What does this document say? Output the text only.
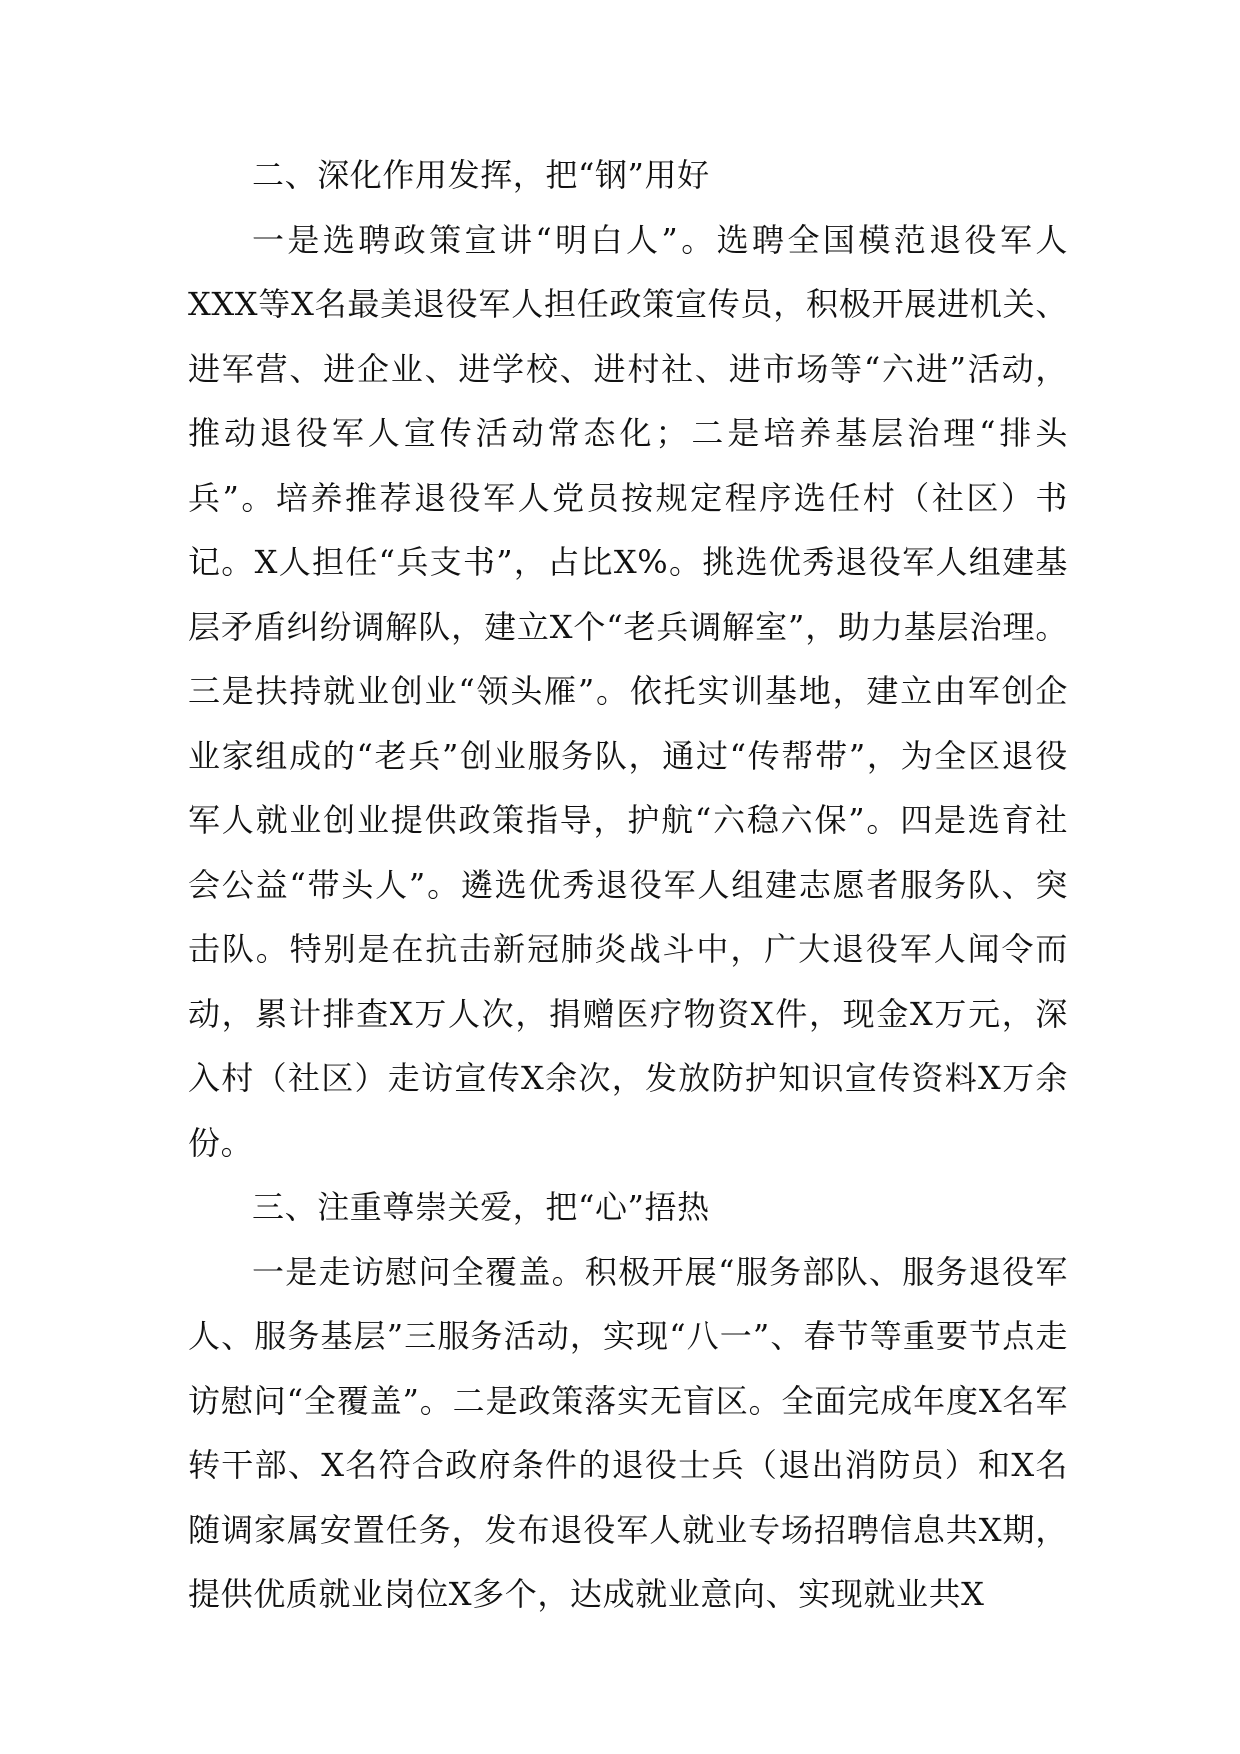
二、深化作用发挥，把“钢”用好

一是选聘政策宣讲“明白人”。选聘全国模范退役军人XXX等X名最美退役军人担任政策宣传员，积极开展进机关、进军营、进企业、进学校、进村社、进市场等“六进”活动，推动退役军人宣传活动常态化；二是培养基层治理“排头兵”。培养推荐退役军人党员按规定程序选任村（社区）书记。X人担任“兵支书”，占比X%。挑选优秀退役军人组建基层矛盾纠纷调解队，建立X个“老兵调解室”，助力基层治理。三是扶持就业创业“领头雁”。依托实训基地，建立由军创企业家组成的“老兵”创业服务队，通过“传帮带”，为全区退役军人就业创业提供政策指导，护航“六稳六保”。四是选育社会公益“带头人”。遴选优秀退役军人组建志愿者服务队、突击队。特别是在抗击新冠肺炎战斗中，广大退役军人闻令而动，累计排查X万人次，捐赠医疗物资X件，现金X万元，深入村（社区）走访宣传X余次，发放防护知识宣传资料X万余份。

三、注重尊崇关爱，把“心”捂热

一是走访慰问全覆盖。积极开展“服务部队、服务退役军人、服务基层”三服务活动，实现“八一”、春节等重要节点走访慰问“全覆盖”。二是政策落实无盲区。全面完成年度X名军转干部、X名符合政府条件的退役士兵（退出消防员）和X名随调家属安置任务，发布退役军人就业专场招聘信息共X期，提供优质就业岗位X多个，达成就业意向、实现就业共X
